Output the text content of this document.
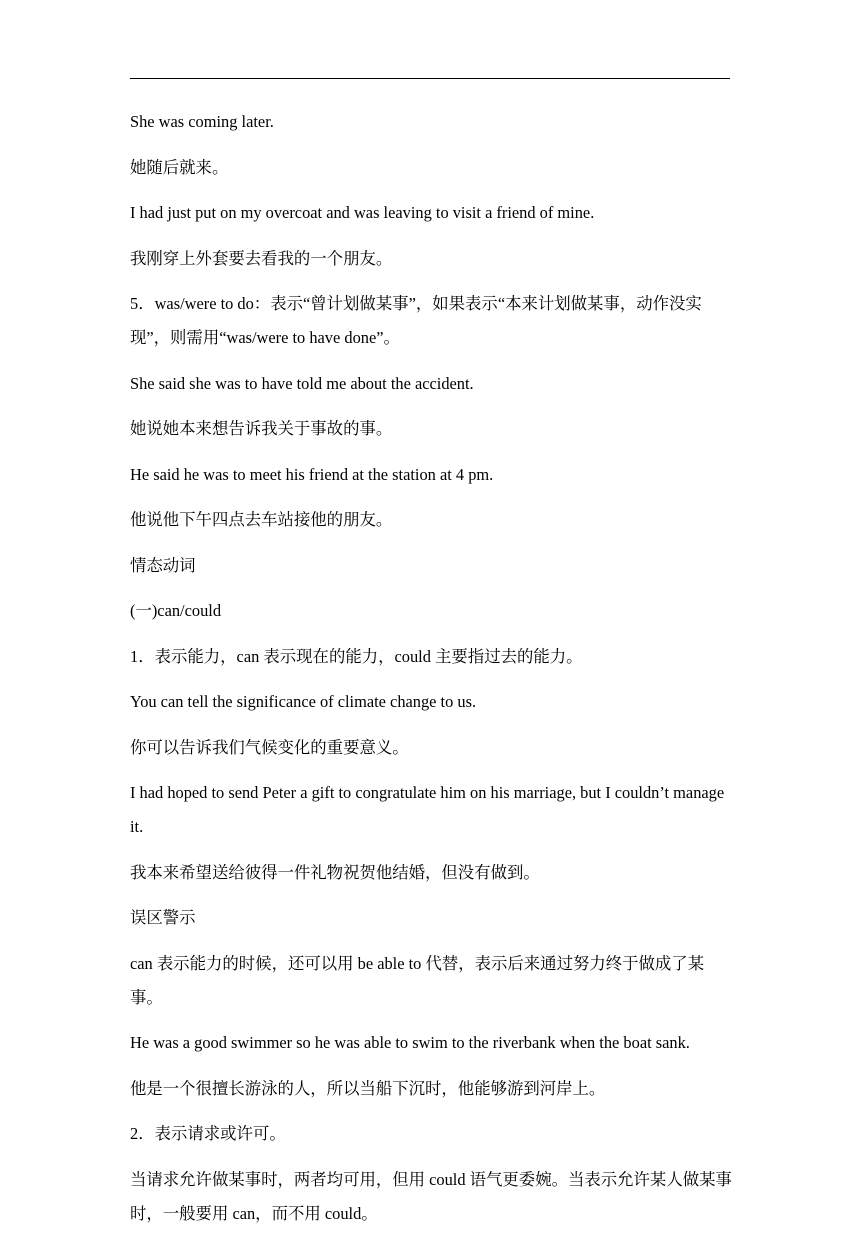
She was coming later.

她随后就来。

I had just put on my overcoat and was leaving to visit a friend of mine.

我刚穿上外套要去看我的一个朋友。

5．was/were to do：表示“曾计划做某事”，如果表示“本来计划做某事，动作没实现”，则需用“was/were to have done”。

She said she was to have told me about the accident.

她说她本来想告诉我关于事故的事。

He said he was to meet his friend at the station at 4 pm.

他说他下午四点去车站接他的朋友。

情态动词

(一)can/could

1．表示能力，can 表示现在的能力，could 主要指过去的能力。

You can tell the significance of climate change to us.

你可以告诉我们气候变化的重要意义。

I had hoped to send Peter a gift to congratulate him on his marriage, but I couldn’t manage it.

我本来希望送给彼得一件礼物祝贺他结婚，但没有做到。

误区警示

can 表示能力的时候，还可以用 be able to 代替，表示后来通过努力终于做成了某事。

He was a good swimmer so he was able to swim to the riverbank when the boat sank.

他是一个很擅长游泳的人，所以当船下沉时，他能够游到河岸上。

2．表示请求或许可。

当请求允许做某事时，两者均可用，但用 could 语气更委婉。当表示允许某人做某事时，一般要用 can，而不用 could。
